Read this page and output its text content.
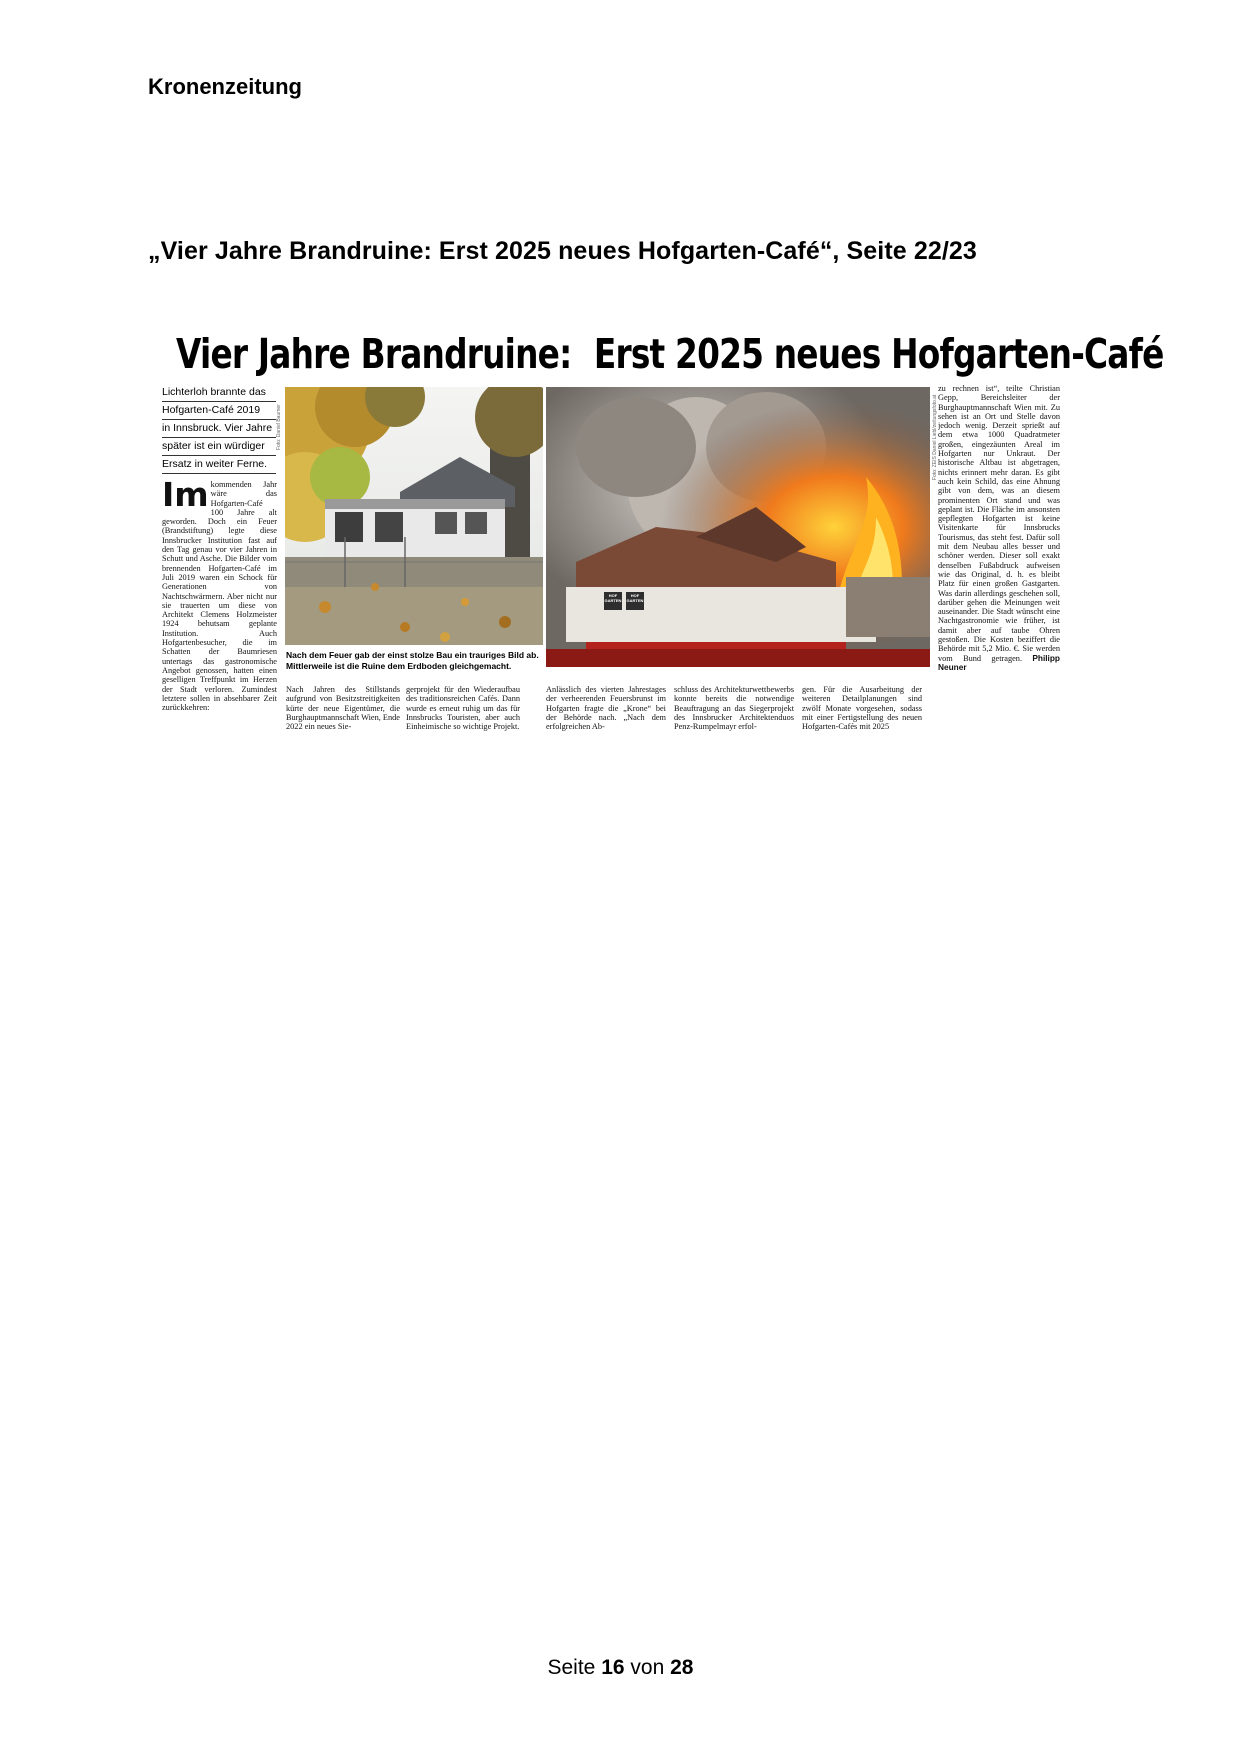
Kronenzeitung
„Vier Jahre Brandruine: Erst 2025 neues Hofgarten-Café“, Seite 22/23
Vier Jahre Brandruine: Erst 2025 neues Hofgarten-Café
Lichterloh brannte das
Hofgarten-Café 2019
in Innsbruck. Vier Jahre
später ist ein würdiger
Ersatz in weiter Ferne.
Im kommenden Jahr wäre das Hofgarten-Café 100 Jahre alt geworden. Doch ein Feuer (Brandstiftung) legte diese Innsbrucker Institution fast auf den Tag genau vor vier Jahren in Schutt und Asche. Die Bilder vom brennenden Hofgarten-Café im Juli 2019 waren ein Schock für Generationen von Nachtschwärmern. Aber nicht nur sie trauerten um diese von Architekt Clemens Holzmeister 1924 behutsam geplante Institution. Auch Hofgartenbesucher, die im Schatten der Baumriesen untertags das gastronomische Angebot genossen, hatten einen geselligen Treffpunkt im Herzen der Stadt verloren. Zumindest letztere sollen in absehbarer Zeit zurückkehren:
Foto: Daniel Baumer
Nach dem Feuer gab der einst stolze Bau ein trauriges Bild ab. Mittlerweile ist die Ruine dem Erdboden gleichgemacht.
HOF GARTEN
HOF GARTEN
Foto: ZEIS Daniel Liebl/zeitungsfoto.at
Nach Jahren des Stillstands aufgrund von Besitzstreitigkeiten kürte der neue Eigentümer, die Burghauptmannschaft Wien, Ende 2022 ein neues Sie-
gerprojekt für den Wiederaufbau des traditionsreichen Cafés. Dann wurde es erneut ruhig um das für Innsbrucks Touristen, aber auch Einheimische so wichtige Projekt.
Anlässlich des vierten Jahrestages der verheerenden Feuersbrunst im Hofgarten fragte die „Krone“ bei der Behörde nach. „Nach dem erfolgreichen Ab-
schluss des Architekturwettbewerbs konnte bereits die notwendige Beauftragung an das Siegerprojekt des Innsbrucker Architektenduos Penz-Rumpelmayr erfol-
gen. Für die Ausarbeitung der weiteren Detailplanungen sind zwölf Monate vorgesehen, sodass mit einer Fertigstellung des neuen Hofgarten-Cafés mit 2025
zu rechnen ist“, teilte Christian Gepp, Bereichsleiter der Burghauptmannschaft Wien mit. Zu sehen ist an Ort und Stelle davon jedoch wenig. Derzeit sprießt auf dem etwa 1000 Quadratmeter großen, eingezäunten Areal im Hofgarten nur Unkraut. Der historische Altbau ist abgetragen, nichts erinnert mehr daran. Es gibt auch kein Schild, das eine Ahnung gibt von dem, was an diesem prominenten Ort stand und was geplant ist. Die Fläche im ansonsten gepflegten Hofgarten ist keine Visitenkarte für Innsbrucks Tourismus, das steht fest. Dafür soll mit dem Neubau alles besser und schöner werden. Dieser soll exakt denselben Fußabdruck aufweisen wie das Original, d. h. es bleibt Platz für einen großen Gastgarten. Was darin allerdings geschehen soll, darüber gehen die Meinungen weit auseinander. Die Stadt wünscht eine Nachtgastronomie wie früher, ist damit aber auf taube Ohren gestoßen. Die Kosten beziffert die Behörde mit 5,2 Mio. €. Sie werden vom Bund getragen. Philipp Neuner
Seite 16 von 28
